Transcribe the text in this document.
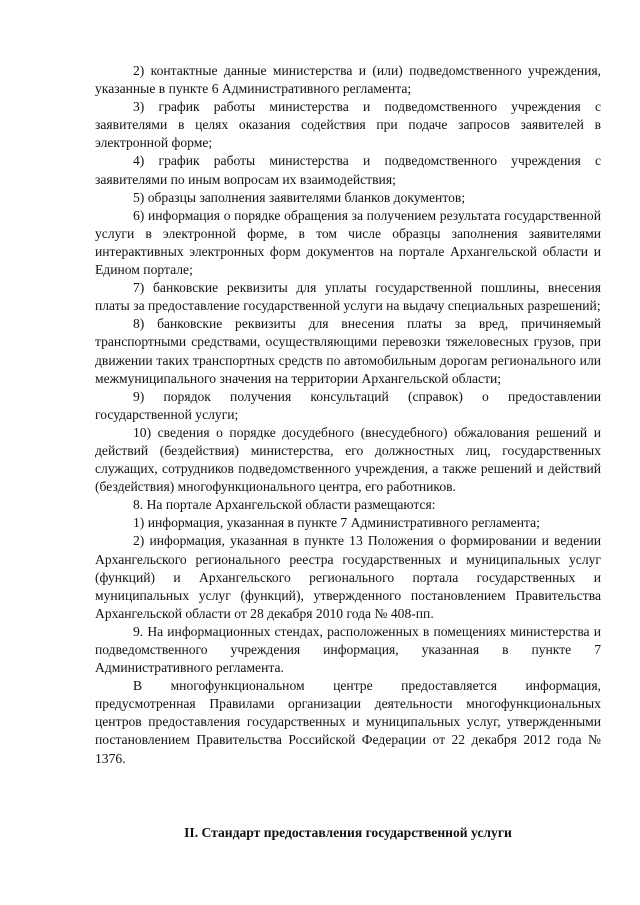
2) контактные данные министерства и (или) подведомственного учреждения, указанные в пункте 6 Административного регламента;

3) график работы министерства и подведомственного учреждения с заявителями в целях оказания содействия при подаче запросов заявителей в электронной форме;

4) график работы министерства и подведомственного учреждения с заявителями по иным вопросам их взаимодействия;

5) образцы заполнения заявителями бланков документов;

6) информация о порядке обращения за получением результата государственной услуги в электронной форме, в том числе образцы заполнения заявителями интерактивных электронных форм документов на портале Архангельской области и Едином портале;

7) банковские реквизиты для уплаты государственной пошлины, внесения платы за предоставление государственной услуги на выдачу специальных разрешений;

8) банковские реквизиты для внесения платы за вред, причиняемый транспортными средствами, осуществляющими перевозки тяжеловесных грузов, при движении таких транспортных средств по автомобильным дорогам регионального или межмуниципального значения на территории Архангельской области;

9) порядок получения консультаций (справок) о предоставлении государственной услуги;

10) сведения о порядке досудебного (внесудебного) обжалования решений и действий (бездействия) министерства, его должностных лиц, государственных служащих, сотрудников подведомственного учреждения, а также решений и действий (бездействия) многофункционального центра, его работников.

8. На портале Архангельской области размещаются:

1) информация, указанная в пункте 7 Административного регламента;

2) информация, указанная в пункте 13 Положения о формировании и ведении Архангельского регионального реестра государственных и муниципальных услуг (функций) и Архангельского регионального портала государственных и муниципальных услуг (функций), утвержденного постановлением Правительства Архангельской области от 28 декабря 2010 года № 408-пп.

9. На информационных стендах, расположенных в помещениях министерства и подведомственного учреждения информация, указанная в пункте 7 Административного регламента.

В многофункциональном центре предоставляется информация, предусмотренная Правилами организации деятельности многофункциональных центров предоставления государственных и муниципальных услуг, утвержденными постановлением Правительства Российской Федерации от 22 декабря 2012 года № 1376.

II. Стандарт предоставления государственной услуги
